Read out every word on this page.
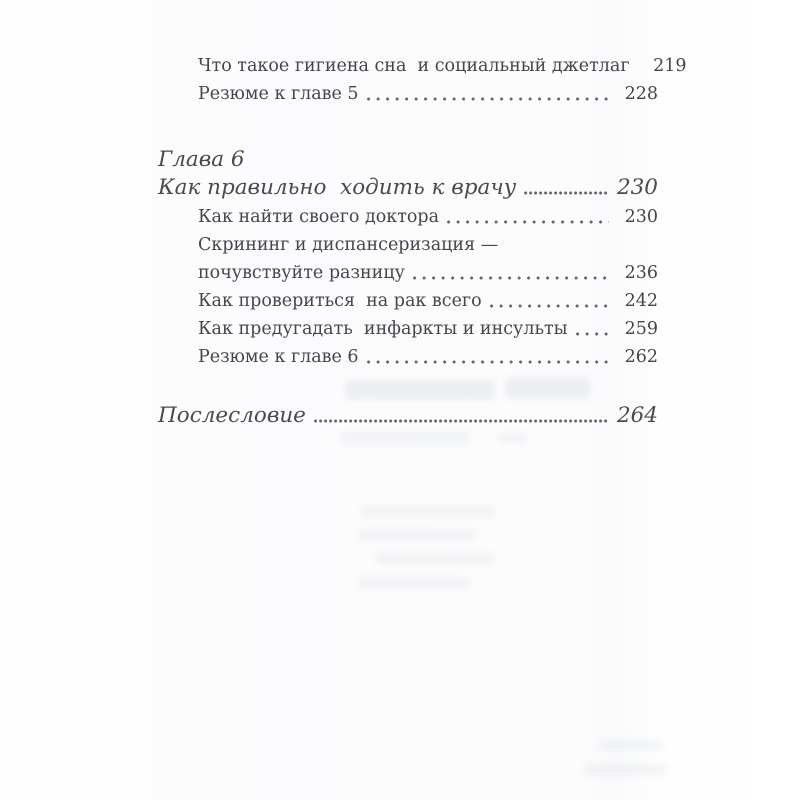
Что такое гигиена сна  и социальный джетлаг	219
Резюме к главе 5	228
Глава 6
Как правильно  ходить к врачу	230
Как найти своего доктора	230
Скрининг и диспансеризация —
почувствуйте разницу	236
Как провериться  на рак всего	242
Как предугадать  инфаркты и инсульты	259
Резюме к главе 6	262
Послесловие	264
